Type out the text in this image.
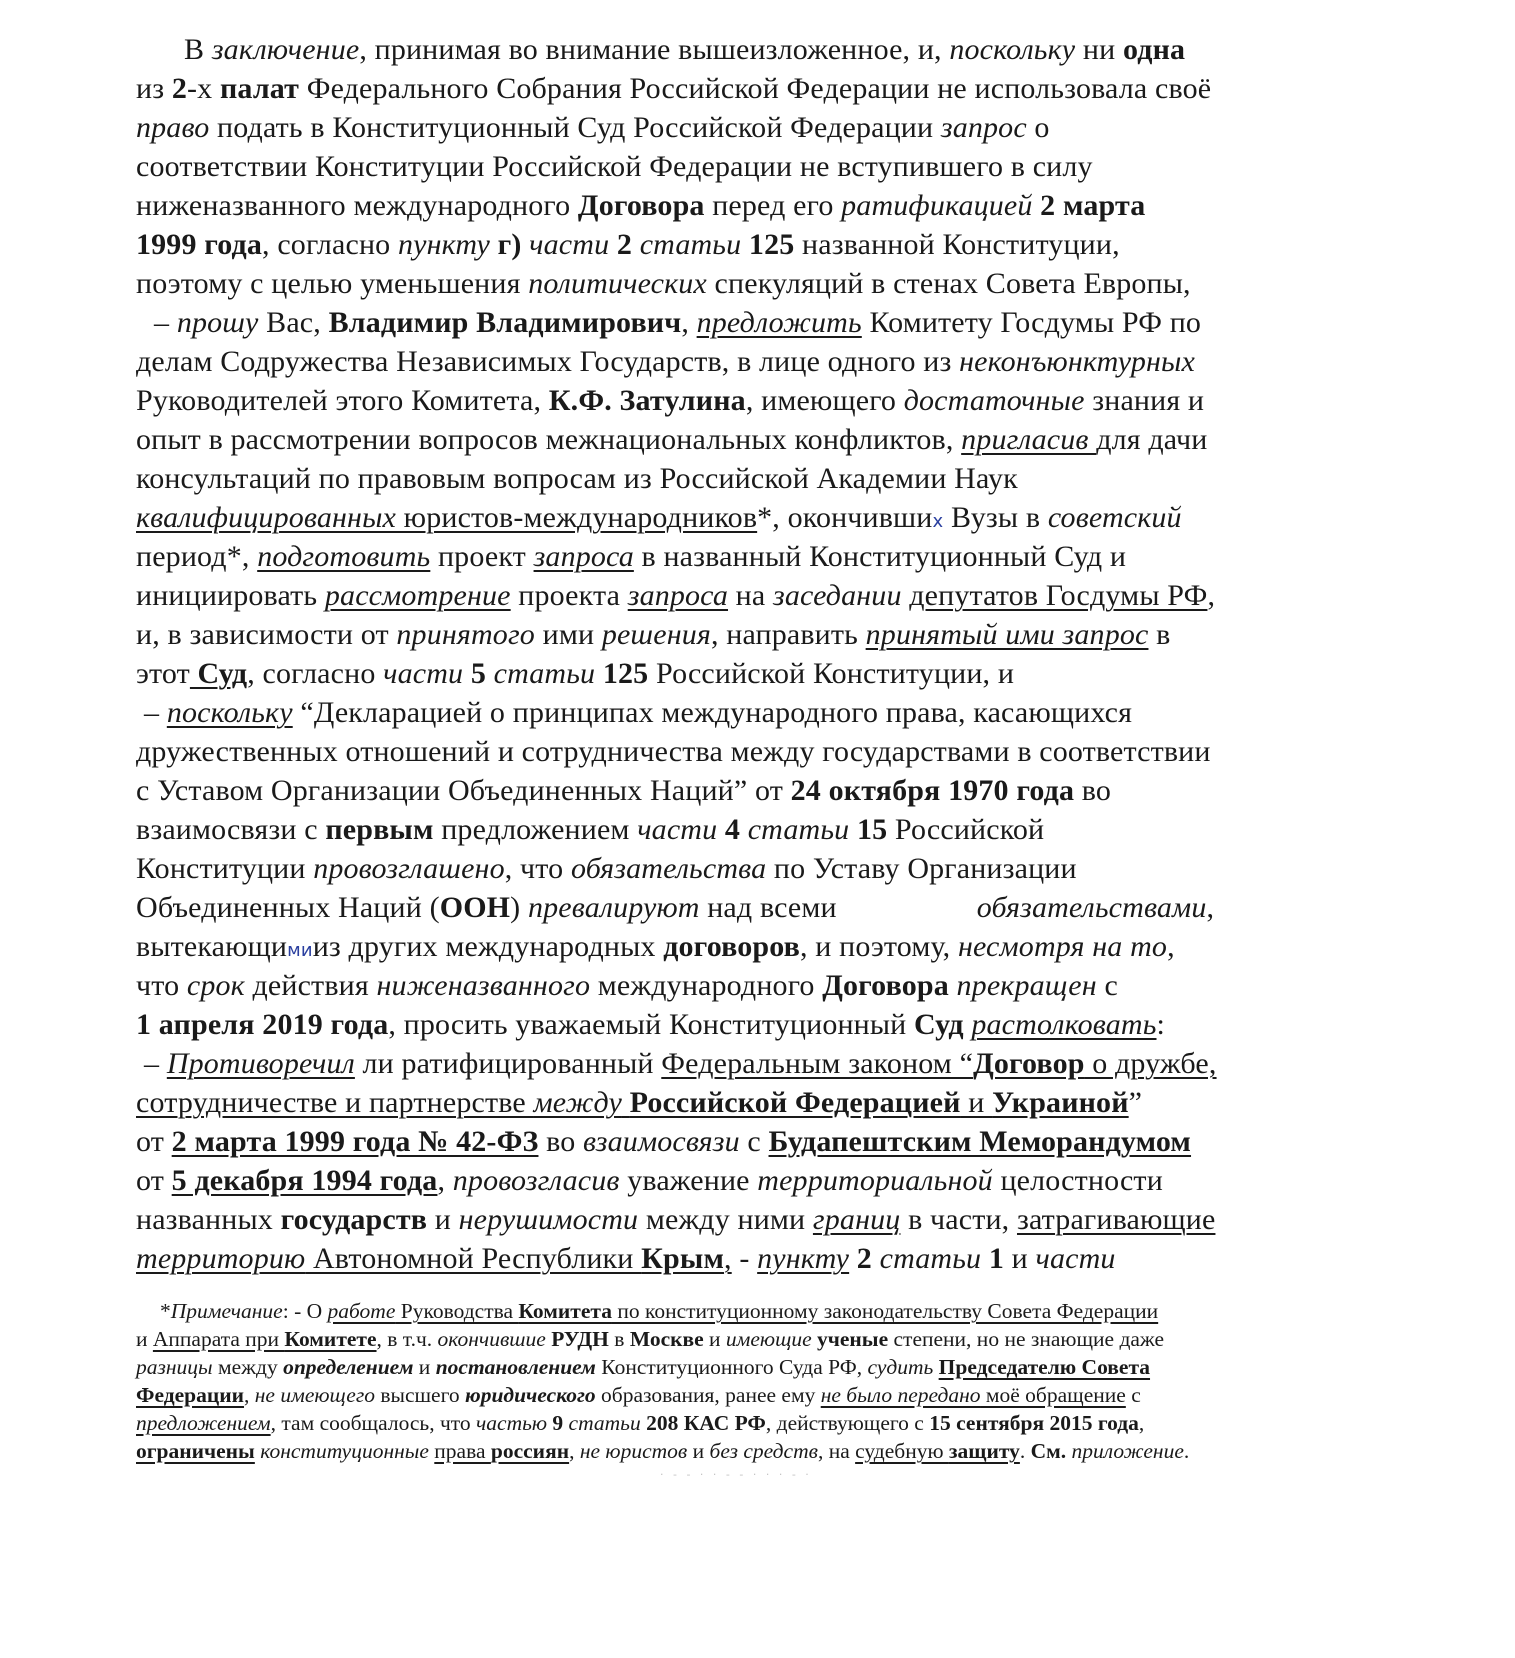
В заключение, принимая во внимание вышеизложенное, и, поскольку ни одна
из 2-х палат Федерального Собрания Российской Федерации не использовала своё
право подать в Конституционный Суд Российской Федерации запрос о
соответствии Конституции Российской Федерации не вступившего в силу
ниженазванного международного Договора перед его ратификацией 2 марта
1999 года, согласно пункту г) части 2 статьи 125 названной Конституции,
поэтому с целью уменьшения политических спекуляций в стенах Совета Европы,
– прошу Вас, Владимир Владимирович, предложить Комитету Госдумы РФ по
делам Содружества Независимых Государств, в лице одного из неконъюнктурных
Руководителей этого Комитета, К.Ф. Затулина, имеющего достаточные знания и
опыт в рассмотрении вопросов межнациональных конфликтов, пригласив для дачи
консультаций по правовым вопросам из Российской Академии Наук
квалифицированных юристов-международников*, окончивших Вузы в советский
период*, подготовить проект запроса в названный Конституционный Суд и
инициировать рассмотрение проекта запроса на заседании депутатов Госдумы РФ,
и, в зависимости от принятого ими решения, направить принятый ими запрос в
этот Суд, согласно части 5 статьи 125 Российской Конституции, и
– поскольку “Декларацией о принципах международного права, касающихся
дружественных отношений и сотрудничества между государствами в соответствии
с Уставом Организации Объединенных Наций” от 24 октября 1970 года во
взаимосвязи с первым предложением части 4 статьи 15 Российской
Конституции провозглашено, что обязательства по Уставу Организации
Объединенных Наций (ООН) превалируют над всеми	обязательствами,
вытекающимииз других международных договоров, и поэтому, несмотря на то,
что срок действия ниженазванного международного Договора прекращен с
1 апреля 2019 года, просить уважаемый Конституционный Суд растолковать:
– Противоречил ли ратифицированный Федеральным законом “Договор о дружбе,
сотрудничестве и партнерстве между Российской Федерацией и Украиной”
от 2 марта 1999 года № 42-ФЗ во взаимосвязи с Будапештским Меморандумом
от 5 декабря 1994 года, провозгласив уважение территориальной целостности
названных государств и нерушимости между ними границ в части, затрагивающие
территорию Автономной Республики Крым, - пункту 2 статьи 1 и части
*Примечание: - О работе Руководства Комитета по конституционному законодательству Совета Федерации
и Аппарата при Комитете, в т.ч. окончившие РУДН в Москве и имеющие ученые степени, но не знающие даже
разницы между определением и постановлением Конституционного Суда РФ, судить Председателю Совета
Федерации, не имеющего высшего юридического образования, ранее ему не было передано моё обращение с
предложением, там сообщалось, что частью 9 статьи 208 КАС РФ, действующего с 15 сентября 2015 года,
ограничены конституционные права россиян, не юристов и без средств, на судебную защиту. См. приложение.
· ‑ ‑ ‧ · ‐ ‑ ‧ · · ‐ ·
